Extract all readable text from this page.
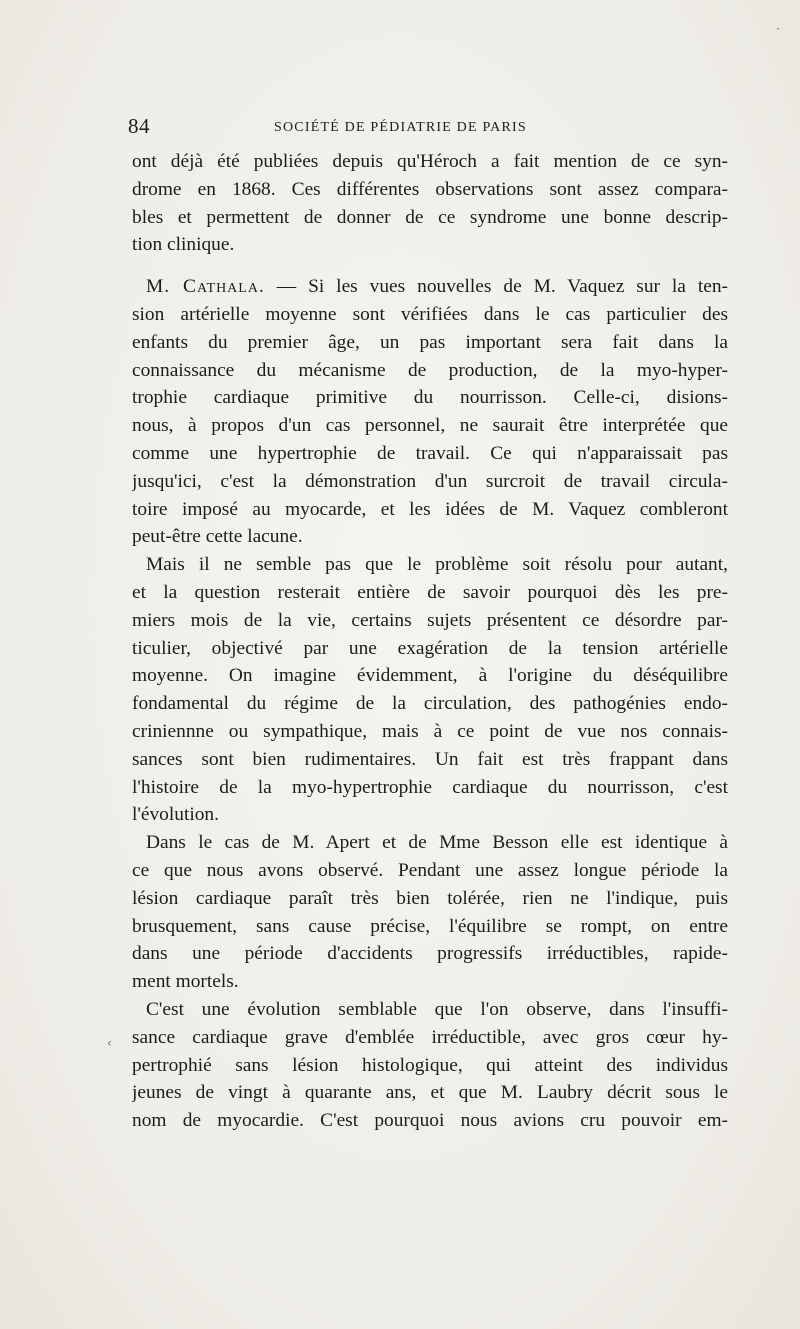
84	SOCIÉTÉ DE PÉDIATRIE DE PARIS
ont déjà été publiées depuis qu'Héroch a fait mention de ce syn-
drome en 1868. Ces différentes observations sont assez compara-
bles et permettent de donner de ce syndrome une bonne descrip-
tion clinique.
M. Cathala. — Si les vues nouvelles de M. Vaquez sur la ten-
sion artérielle moyenne sont vérifiées dans le cas particulier des
enfants du premier âge, un pas important sera fait dans la
connaissance du mécanisme de production, de la myo-hyper-
trophie cardiaque primitive du nourrisson. Celle-ci, disions-
nous, à propos d'un cas personnel, ne saurait être interprétée que
comme une hypertrophie de travail. Ce qui n'apparaissait pas
jusqu'ici, c'est la démonstration d'un surcroit de travail circula-
toire imposé au myocarde, et les idées de M. Vaquez combleront
peut-être cette lacune.
Mais il ne semble pas que le problème soit résolu pour autant,
et la question resterait entière de savoir pourquoi dès les pre-
miers mois de la vie, certains sujets présentent ce désordre par-
ticulier, objectivé par une exagération de la tension artérielle
moyenne. On imagine évidemment, à l'origine du déséquilibre
fondamental du régime de la circulation, des pathogénies endo-
criniennne ou sympathique, mais à ce point de vue nos connais-
sances sont bien rudimentaires. Un fait est très frappant dans
l'histoire de la myo-hypertrophie cardiaque du nourrisson, c'est
l'évolution.
Dans le cas de M. Apert et de Mme Besson elle est identique à
ce que nous avons observé. Pendant une assez longue période la
lésion cardiaque paraît très bien tolérée, rien ne l'indique, puis
brusquement, sans cause précise, l'équilibre se rompt, on entre
dans une période d'accidents progressifs irréductibles, rapide-
ment mortels.
C'est une évolution semblable que l'on observe, dans l'insuffi-
sance cardiaque grave d'emblée irréductible, avec gros cœur hy-
pertrophié sans lésion histologique, qui atteint des individus
jeunes de vingt à quarante ans, et que M. Laubry décrit sous le
nom de myocardie. C'est pourquoi nous avions cru pouvoir em-
·
‹
